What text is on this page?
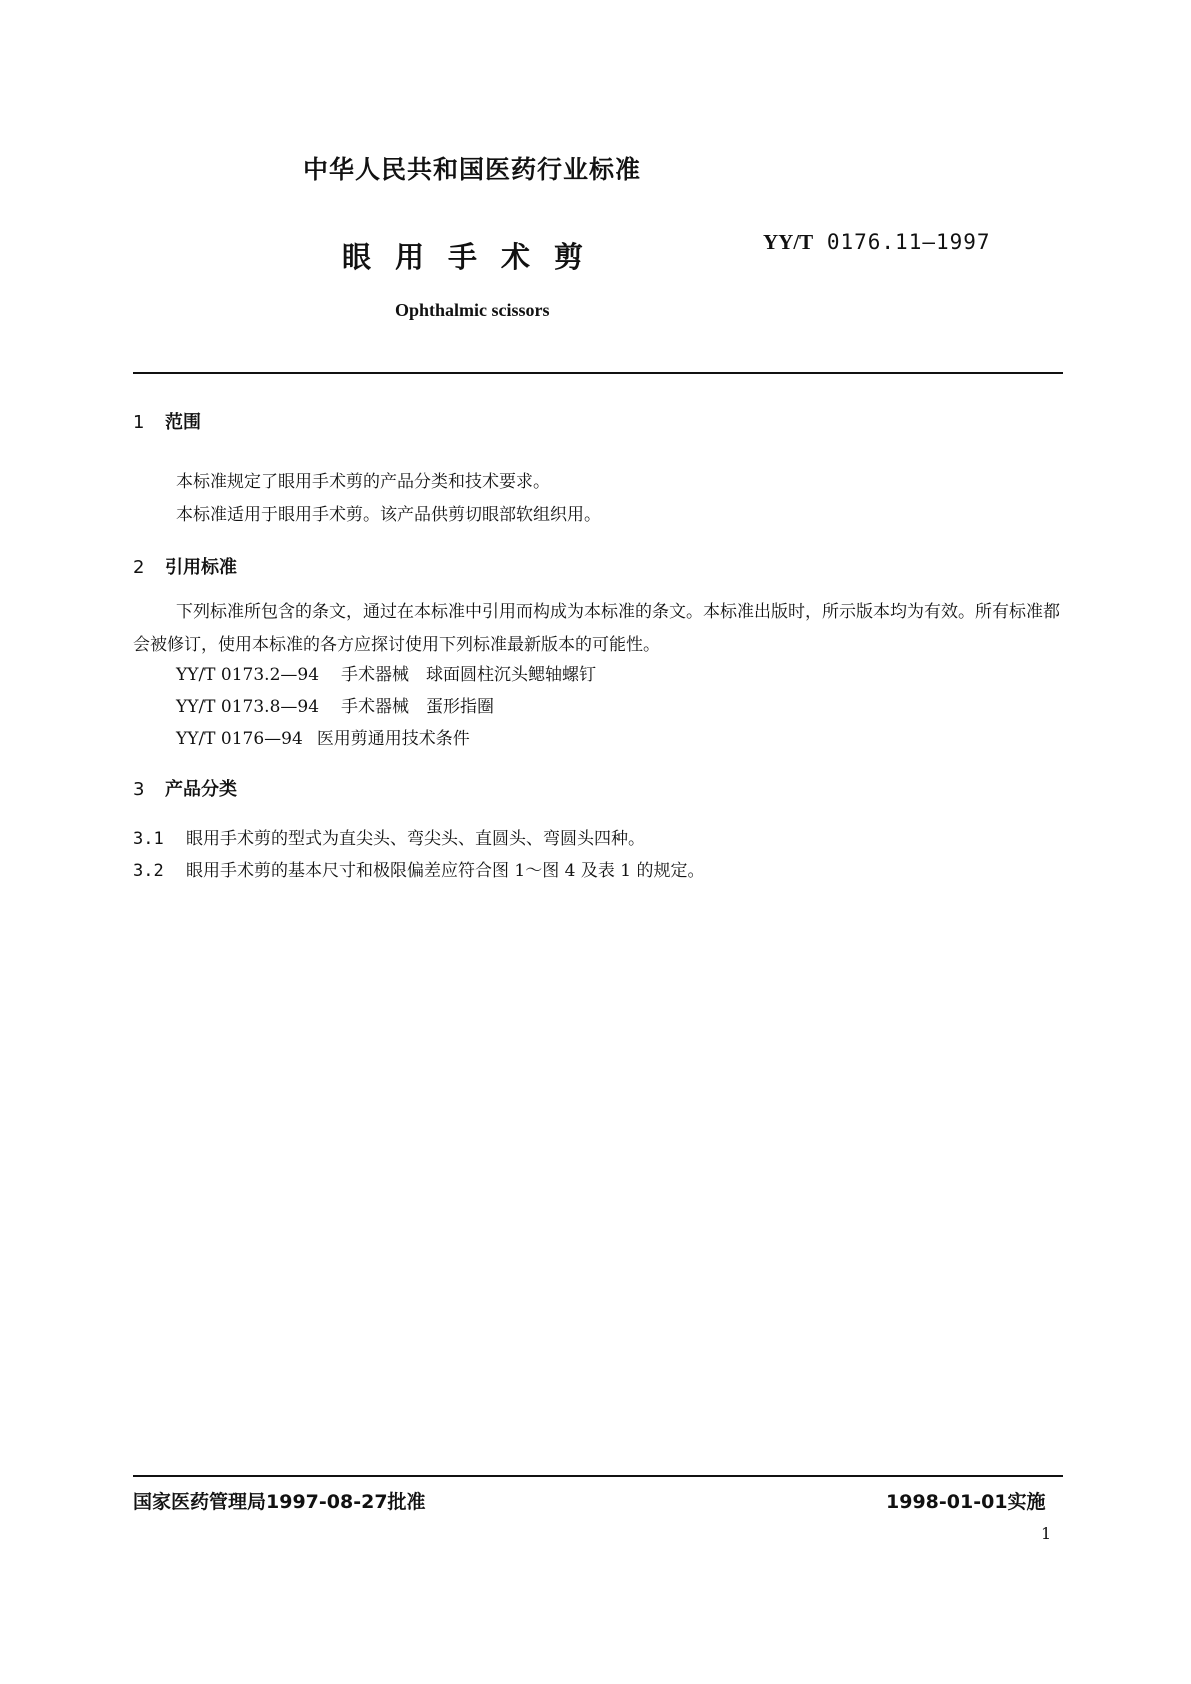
中华人民共和国医药行业标准
眼用手术剪	YY/T 0176.11—1997
Ophthalmic scissors
1 范围
本标准规定了眼用手术剪的产品分类和技术要求。
本标准适用于眼用手术剪。该产品供剪切眼部软组织用。
2 引用标准
下列标准所包含的条文，通过在本标准中引用而构成为本标准的条文。本标准出版时，所示版本均为有效。所有标准都会被修订，使用本标准的各方应探讨使用下列标准最新版本的可能性。
YY/T 0173.2—94 手术器械　球面圆柱沉头鳃轴螺钉
YY/T 0173.8—94 手术器械　蛋形指圈
YY/T 0176—94 医用剪通用技术条件
3 产品分类
3.1 眼用手术剪的型式为直尖头、弯尖头、直圆头、弯圆头四种。
3.2 眼用手术剪的基本尺寸和极限偏差应符合图 1～图 4 及表 1 的规定。
国家医药管理局1997-08-27批准	1998-01-01实施
1
